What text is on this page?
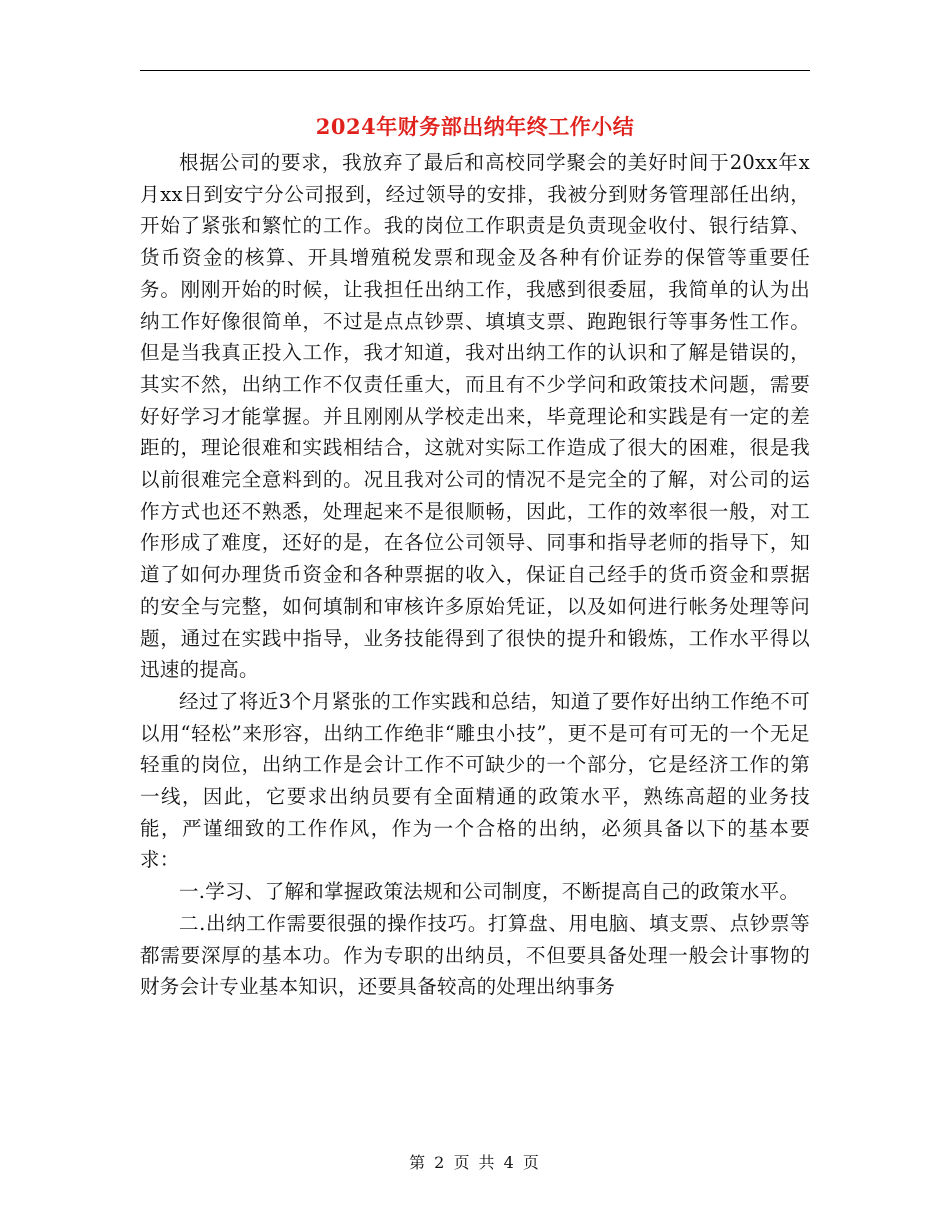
2024年财务部出纳年终工作小结

根据公司的要求，我放弃了最后和高校同学聚会的美好时间于20xx年x月xx日到安宁分公司报到，经过领导的安排，我被分到财务管理部任出纳，开始了紧张和繁忙的工作。我的岗位工作职责是负责现金收付、银行结算、货币资金的核算、开具增殖税发票和现金及各种有价证券的保管等重要任务。刚刚开始的时候，让我担任出纳工作，我感到很委屈，我简单的认为出纳工作好像很简单，不过是点点钞票、填填支票、跑跑银行等事务性工作。但是当我真正投入工作，我才知道，我对出纳工作的认识和了解是错误的，其实不然，出纳工作不仅责任重大，而且有不少学问和政策技术问题，需要好好学习才能掌握。并且刚刚从学校走出来，毕竟理论和实践是有一定的差距的，理论很难和实践相结合，这就对实际工作造成了很大的困难，很是我以前很难完全意料到的。况且我对公司的情况不是完全的了解，对公司的运作方式也还不熟悉，处理起来不是很顺畅，因此，工作的效率很一般，对工作形成了难度，还好的是，在各位公司领导、同事和指导老师的指导下，知道了如何办理货币资金和各种票据的收入，保证自己经手的货币资金和票据的安全与完整，如何填制和审核许多原始凭证，以及如何进行帐务处理等问题，通过在实践中指导，业务技能得到了很快的提升和锻炼，工作水平得以迅速的提高。

经过了将近3个月紧张的工作实践和总结，知道了要作好出纳工作绝不可以用“轻松”来形容，出纳工作绝非“雕虫小技”，更不是可有可无的一个无足轻重的岗位，出纳工作是会计工作不可缺少的一个部分，它是经济工作的第一线，因此，它要求出纳员要有全面精通的政策水平，熟练高超的业务技能，严谨细致的工作作风，作为一个合格的出纳，必须具备以下的基本要求：

一.学习、了解和掌握政策法规和公司制度，不断提高自己的政策水平。

二.出纳工作需要很强的操作技巧。打算盘、用电脑、填支票、点钞票等都需要深厚的基本功。作为专职的出纳员，不但要具备处理一般会计事物的财务会计专业基本知识，还要具备较高的处理出纳事务

第 2 页 共 4 页
